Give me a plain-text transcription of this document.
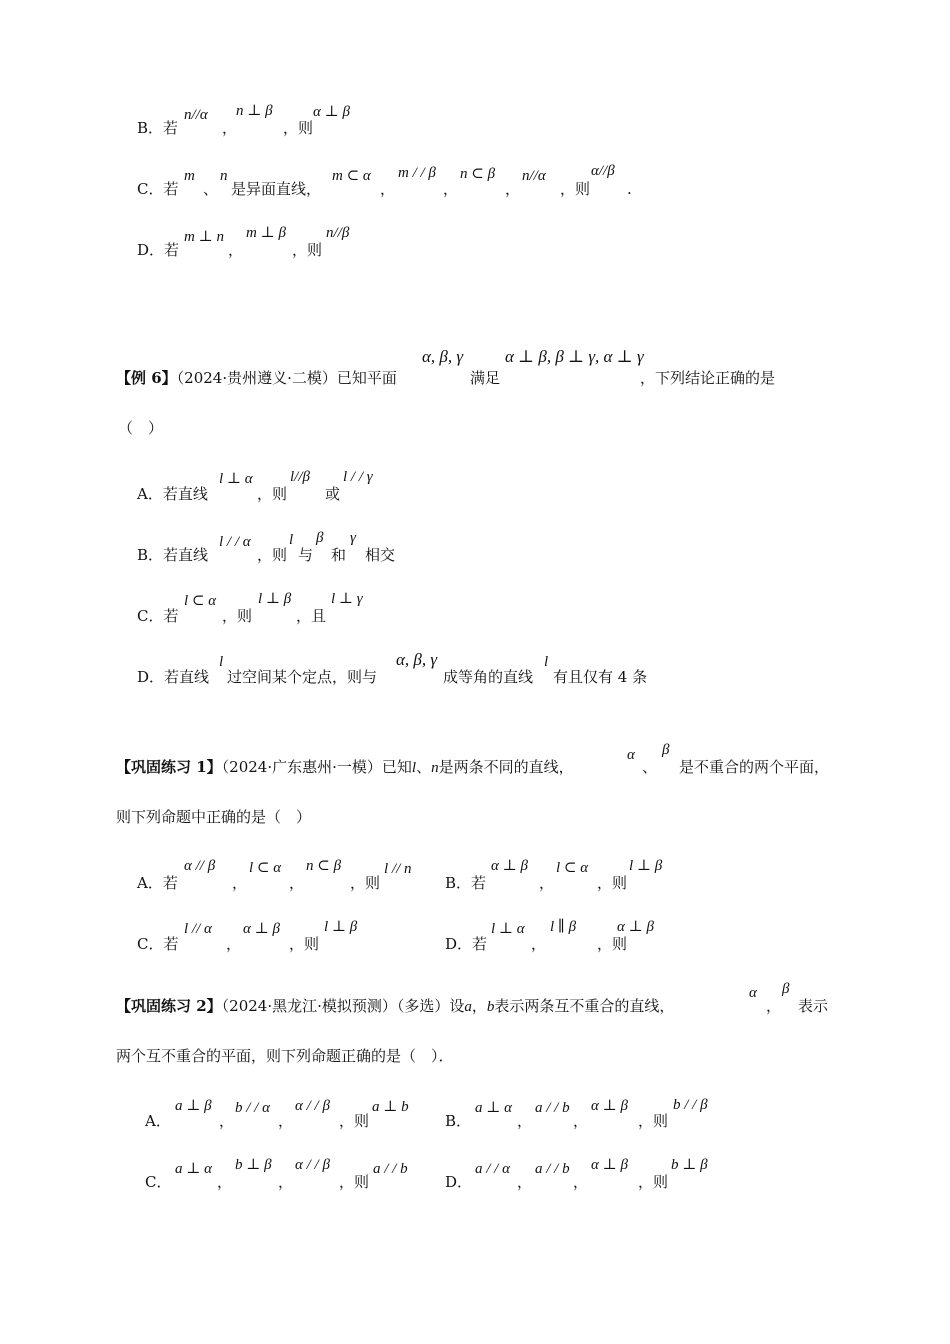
B．若
n//α
，
n ⊥ β
，则
α ⊥ β
C．若
m
、
n
是异面直线，
m ⊂ α
，
m / / β
，
n ⊂ β
，
n//α
，则
α//β
.
D．若
m ⊥ n
，
m ⊥ β
，则
n//β
【例 6】（2024·贵州遵义·二模）已知平面
α, β, γ
满足
α ⊥ β, β ⊥ γ, α ⊥ γ
，下列结论正确的是
（　）
A．若直线
l ⊥ α
，则
l//β
或
l / / γ
B．若直线
l / / α
，则
l
与
β
和
γ
相交
C．若
l ⊂ α
，则
l ⊥ β
，且
l ⊥ γ
D．若直线
l
过空间某个定点，则与
α, β, γ
成等角的直线
l
有且仅有 4 条
【巩固练习 1】（2024·广东惠州·一模）已知l、n是两条不同的直线，
α
、
β
是不重合的两个平面，
则下列命题中正确的是（　）
A．若
α // β
，
l ⊂ α
，
n ⊂ β
，则
l // n
B．若
α ⊥ β
，
l ⊂ α
，则
l ⊥ β
C．若
l // α
，
α ⊥ β
，则
l ⊥ β
D．若
l ⊥ α
，
l ∥ β
，则
α ⊥ β
【巩固练习 2】（2024·黑龙江·模拟预测）（多选）设a，b表示两条互不重合的直线，
α
，
β
表示
两个互不重合的平面，则下列命题正确的是（　）．
A．
a ⊥ β
，
b / / α
，
α / / β
，则
a ⊥ b
B．
a ⊥ α
，
a / / b
，
α ⊥ β
，则
b / / β
C．
a ⊥ α
，
b ⊥ β
，
α / / β
，则
a / / b
D．
a / / α
，
a / / b
，
α ⊥ β
，则
b ⊥ β
